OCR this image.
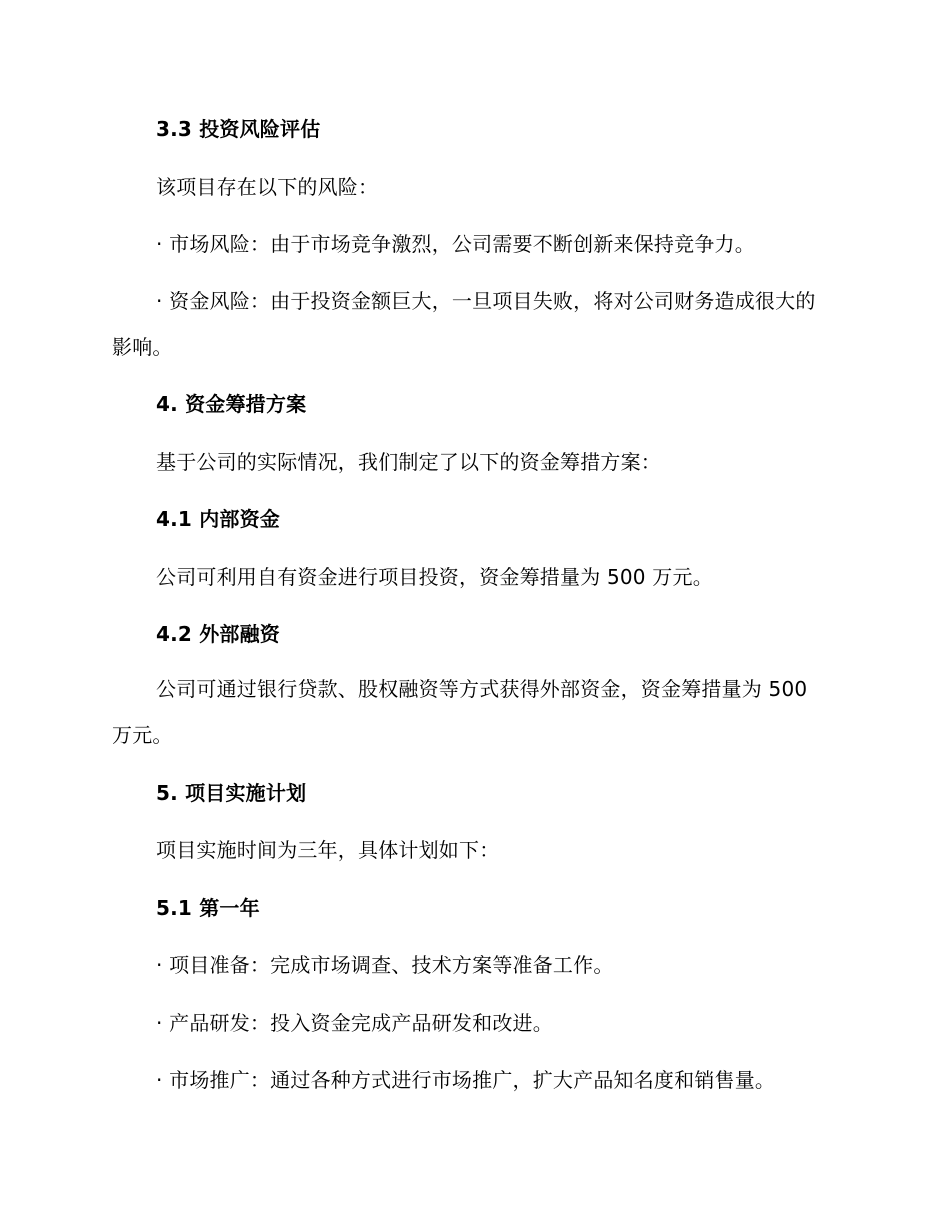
3.3 投资风险评估
该项目存在以下的风险：
· 市场风险：由于市场竞争激烈，公司需要不断创新来保持竞争力。
· 资金风险：由于投资金额巨大，一旦项目失败，将对公司财务造成很大的影响。
4. 资金筹措方案
基于公司的实际情况，我们制定了以下的资金筹措方案：
4.1 内部资金
公司可利用自有资金进行项目投资，资金筹措量为 500 万元。
4.2 外部融资
公司可通过银行贷款、股权融资等方式获得外部资金，资金筹措量为 500 万元。
5. 项目实施计划
项目实施时间为三年，具体计划如下：
5.1 第一年
· 项目准备：完成市场调查、技术方案等准备工作。
· 产品研发：投入资金完成产品研发和改进。
· 市场推广：通过各种方式进行市场推广，扩大产品知名度和销售量。
